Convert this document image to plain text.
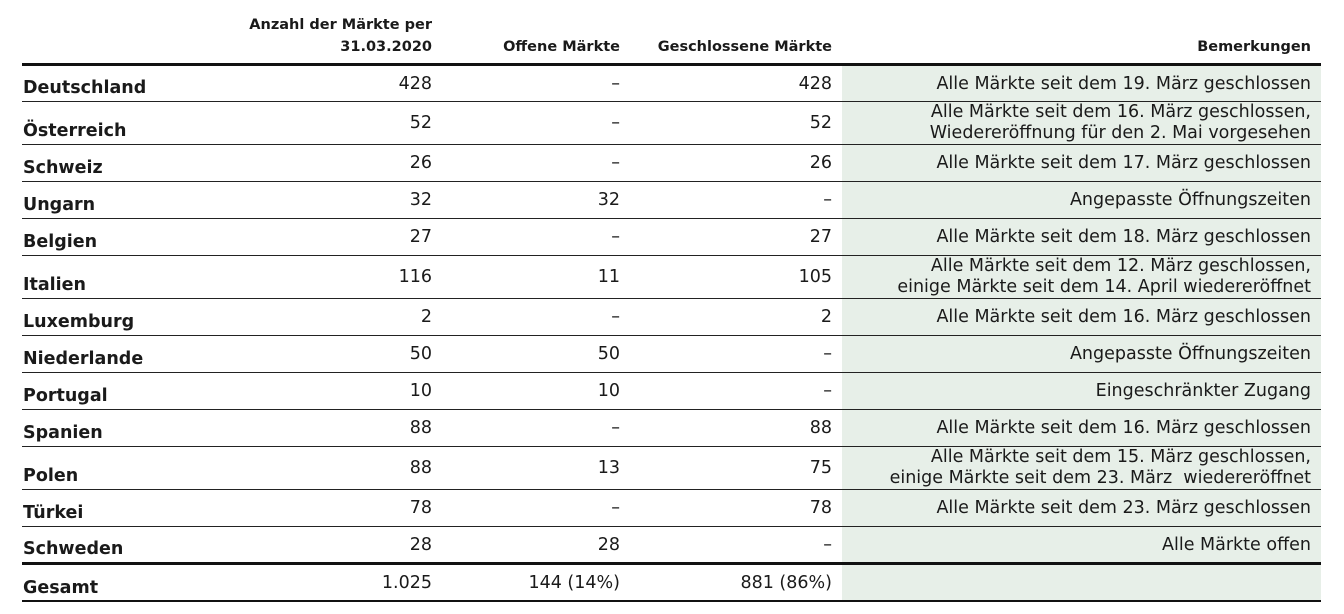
	Anzahl der Märkte per
31.03.2020	Offene Märkte	Geschlossene Märkte	Bemerkungen
Deutschland	428	–	428	Alle Märkte seit dem 19. März geschlossen

Österreich	52	–	52	Alle Märkte seit dem 16. März geschlossen,
Wiedereröffnung für den 2. Mai vorgesehen

Schweiz	26	–	26	Alle Märkte seit dem 17. März geschlossen

Ungarn	32	32	–	Angepasste Öffnungszeiten

Belgien	27	–	27	Alle Märkte seit dem 18. März geschlossen

Italien	116	11	105	Alle Märkte seit dem 12. März geschlossen,
einige Märkte seit dem 14. April wiedereröffnet

Luxemburg	2	–	2	Alle Märkte seit dem 16. März geschlossen

Niederlande	50	50	–	Angepasste Öffnungszeiten

Portugal	10	10	–	Eingeschränkter Zugang

Spanien	88	–	88	Alle Märkte seit dem 16. März geschlossen

Polen	88	13	75	Alle Märkte seit dem 15. März geschlossen,
einige Märkte seit dem 23. März  wiedereröffnet

Türkei	78	–	78	Alle Märkte seit dem 23. März geschlossen

Schweden	28	28	–	Alle Märkte offen

Gesamt	1.025	144 (14%)	881 (86%)	
